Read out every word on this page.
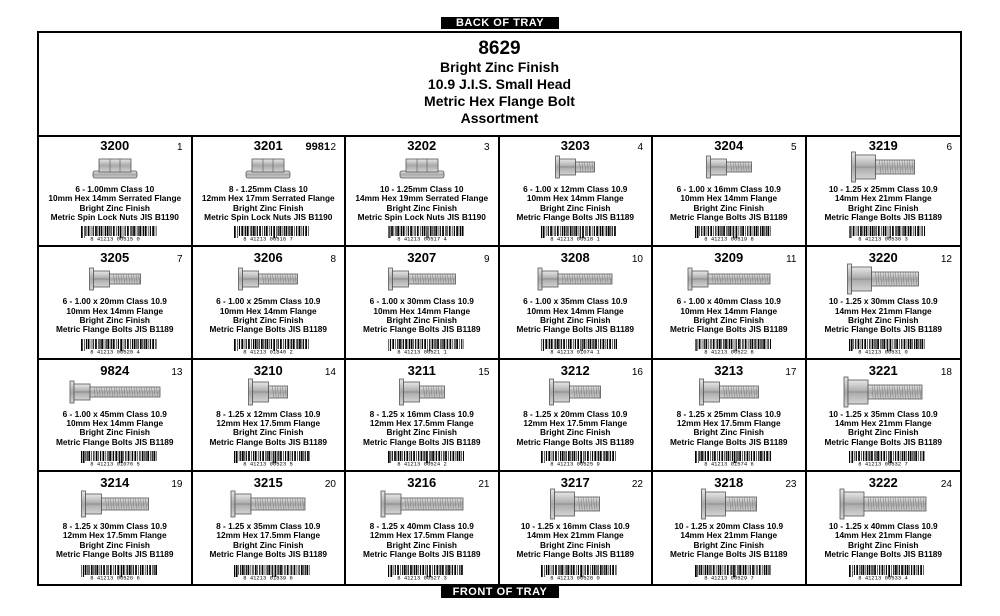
BACK OF TRAY
8629
Bright Zinc Finish
10.9 J.I.S. Small Head
Metric Hex Flange Bolt
Assortment
3200	1
6 - 1.00mm Class 10
10mm Hex 14mm Serrated Flange
Bright Zinc Finish
Metric Spin Lock Nuts JIS B1190
8 41213 00515 0
3201	2
9981
8 - 1.25mm Class 10
12mm Hex 17mm Serrated Flange
Bright Zinc Finish
Metric Spin Lock Nuts JIS B1190
8 41213 00516 7
3202	3
10 - 1.25mm Class 10
14mm Hex 19mm Serrated Flange
Bright Zinc Finish
Metric Spin Lock Nuts JIS B1190
8 41213 00517 4
3203	4
6 - 1.00 x 12mm Class 10.9
10mm Hex 14mm Flange
Bright Zinc Finish
Metric Flange Bolts JIS B1189
8 41213 00518 1
3204	5
6 - 1.00 x 16mm Class 10.9
10mm Hex 14mm Flange
Bright Zinc Finish
Metric Flange Bolts JIS B1189
8 41213 00519 8
3219	6
10 - 1.25 x 25mm Class 10.9
14mm Hex 21mm Flange
Bright Zinc Finish
Metric Flange Bolts JIS B1189
8 41213 00530 3
3205	7
6 - 1.00 x 20mm Class 10.9
10mm Hex 14mm Flange
Bright Zinc Finish
Metric Flange Bolts JIS B1189
8 41213 00520 4
3206	8
6 - 1.00 x 25mm Class 10.9
10mm Hex 14mm Flange
Bright Zinc Finish
Metric Flange Bolts JIS B1189
8 41213 01840 2
3207	9
6 - 1.00 x 30mm Class 10.9
10mm Hex 14mm Flange
Bright Zinc Finish
Metric Flange Bolts JIS B1189
8 41213 00521 1
3208	10
6 - 1.00 x 35mm Class 10.9
10mm Hex 14mm Flange
Bright Zinc Finish
Metric Flange Bolts JIS B1189
8 41213 01074 1
3209	11
6 - 1.00 x 40mm Class 10.9
10mm Hex 14mm Flange
Bright Zinc Finish
Metric Flange Bolts JIS B1189
8 41213 00522 8
3220	12
10 - 1.25 x 30mm Class 10.9
14mm Hex 21mm Flange
Bright Zinc Finish
Metric Flange Bolts JIS B1189
8 41213 00531 0
9824	13
6 - 1.00 x 45mm Class 10.9
10mm Hex 14mm Flange
Bright Zinc Finish
Metric Flange Bolts JIS B1189
8 41213 01076 5
3210	14
8 - 1.25 x 12mm Class 10.9
12mm Hex 17.5mm Flange
Bright Zinc Finish
Metric Flange Bolts JIS B1189
8 41213 00523 5
3211	15
8 - 1.25 x 16mm Class 10.9
12mm Hex 17.5mm Flange
Bright Zinc Finish
Metric Flange Bolts JIS B1189
8 41213 00524 2
3212	16
8 - 1.25 x 20mm Class 10.9
12mm Hex 17.5mm Flange
Bright Zinc Finish
Metric Flange Bolts JIS B1189
8 41213 00525 9
3213	17
8 - 1.25 x 25mm Class 10.9
12mm Hex 17.5mm Flange
Bright Zinc Finish
Metric Flange Bolts JIS B1189
8 41213 01574 6
3221	18
10 - 1.25 x 35mm Class 10.9
14mm Hex 21mm Flange
Bright Zinc Finish
Metric Flange Bolts JIS B1189
8 41213 00532 7
3214	19
8 - 1.25 x 30mm Class 10.9
12mm Hex 17.5mm Flange
Bright Zinc Finish
Metric Flange Bolts JIS B1189
8 41213 00526 6
3215	20
8 - 1.25 x 35mm Class 10.9
12mm Hex 17.5mm Flange
Bright Zinc Finish
Metric Flange Bolts JIS B1189
8 41213 01839 6
3216	21
8 - 1.25 x 40mm Class 10.9
12mm Hex 17.5mm Flange
Bright Zinc Finish
Metric Flange Bolts JIS B1189
8 41213 00527 3
3217	22
10 - 1.25 x 16mm Class 10.9
14mm Hex 21mm Flange
Bright Zinc Finish
Metric Flange Bolts JIS B1189
8 41213 00528 0
3218	23
10 - 1.25 x 20mm Class 10.9
14mm Hex 21mm Flange
Bright Zinc Finish
Metric Flange Bolts JIS B1189
8 41213 00529 7
3222	24
10 - 1.25 x 40mm Class 10.9
14mm Hex 21mm Flange
Bright Zinc Finish
Metric Flange Bolts JIS B1189
8 41213 00533 4
FRONT OF TRAY
